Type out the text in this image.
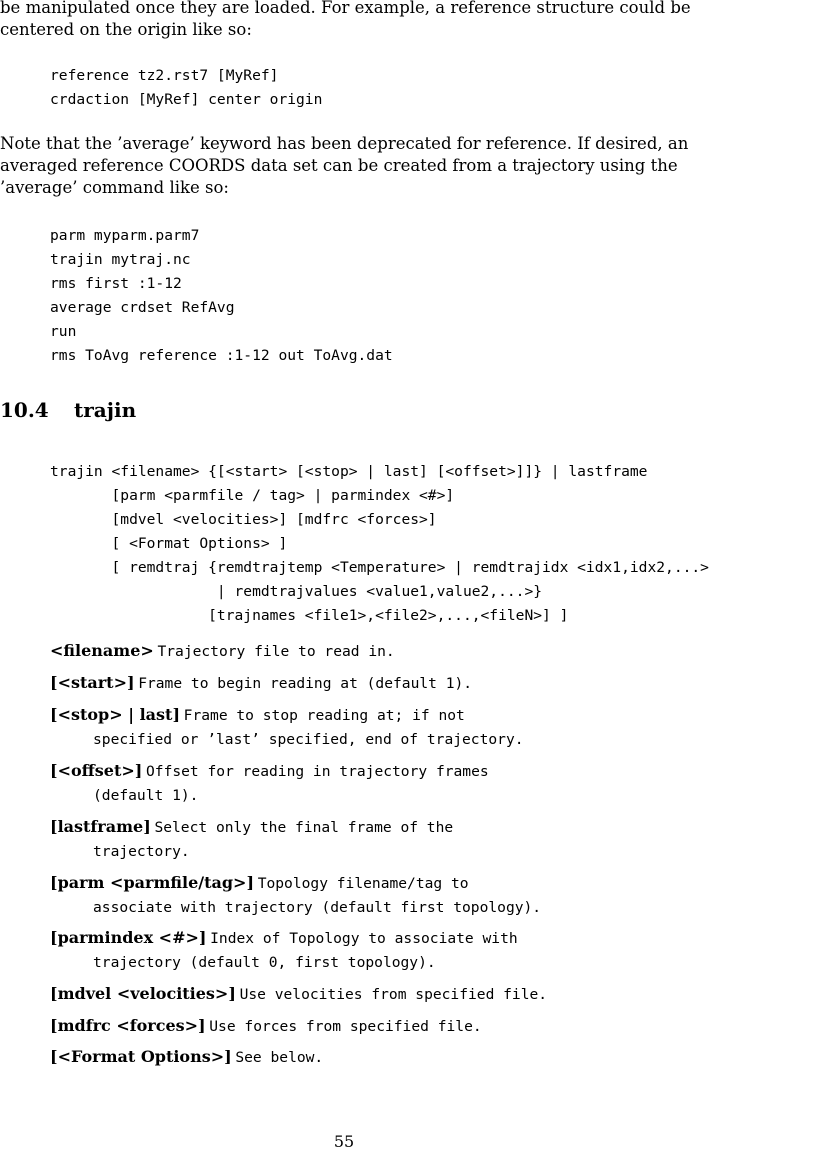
be manipulated once they are loaded. For example, a reference structure could be centered on the origin like so:
reference tz2.rst7 [MyRef]
crdaction [MyRef] center origin
Note that the ’average’ keyword has been deprecated for reference. If desired, an averaged reference COORDS data set can be created from a trajectory using the ’average’ command like so:
parm myparm.parm7
trajin mytraj.nc
rms first :1-12
average crdset RefAvg
run
rms ToAvg reference :1-12 out ToAvg.dat
10.4 trajin
trajin <filename> {[<start> [<stop> | last] [<offset>]]} | lastframe
[parm <parmfile / tag> | parmindex <#>]
[mdvel <velocities>] [mdfrc <forces>]
[ <Format Options> ]
[ remdtraj {remdtrajtemp <Temperature> | remdtrajidx <idx1,idx2,...>
| remdtrajvalues <value1,value2,...>}
[trajnames <file1>,<file2>,...,<fileN>] ]
<filename> Trajectory file to read in.
[<start>] Frame to begin reading at (default 1).
[<stop> | last] Frame to stop reading at; if not
specified or ’last’ specified, end of trajectory.
[<offset>] Offset for reading in trajectory frames
(default 1).
[lastframe] Select only the final frame of the
trajectory.
[parm <parmfile/tag>] Topology filename/tag to
associate with trajectory (default first topology).
[parmindex <#>] Index of Topology to associate with
trajectory (default 0, first topology).
[mdvel <velocities>] Use velocities from specified file.
[mdfrc <forces>] Use forces from specified file.
[<Format Options>] See below.
55
